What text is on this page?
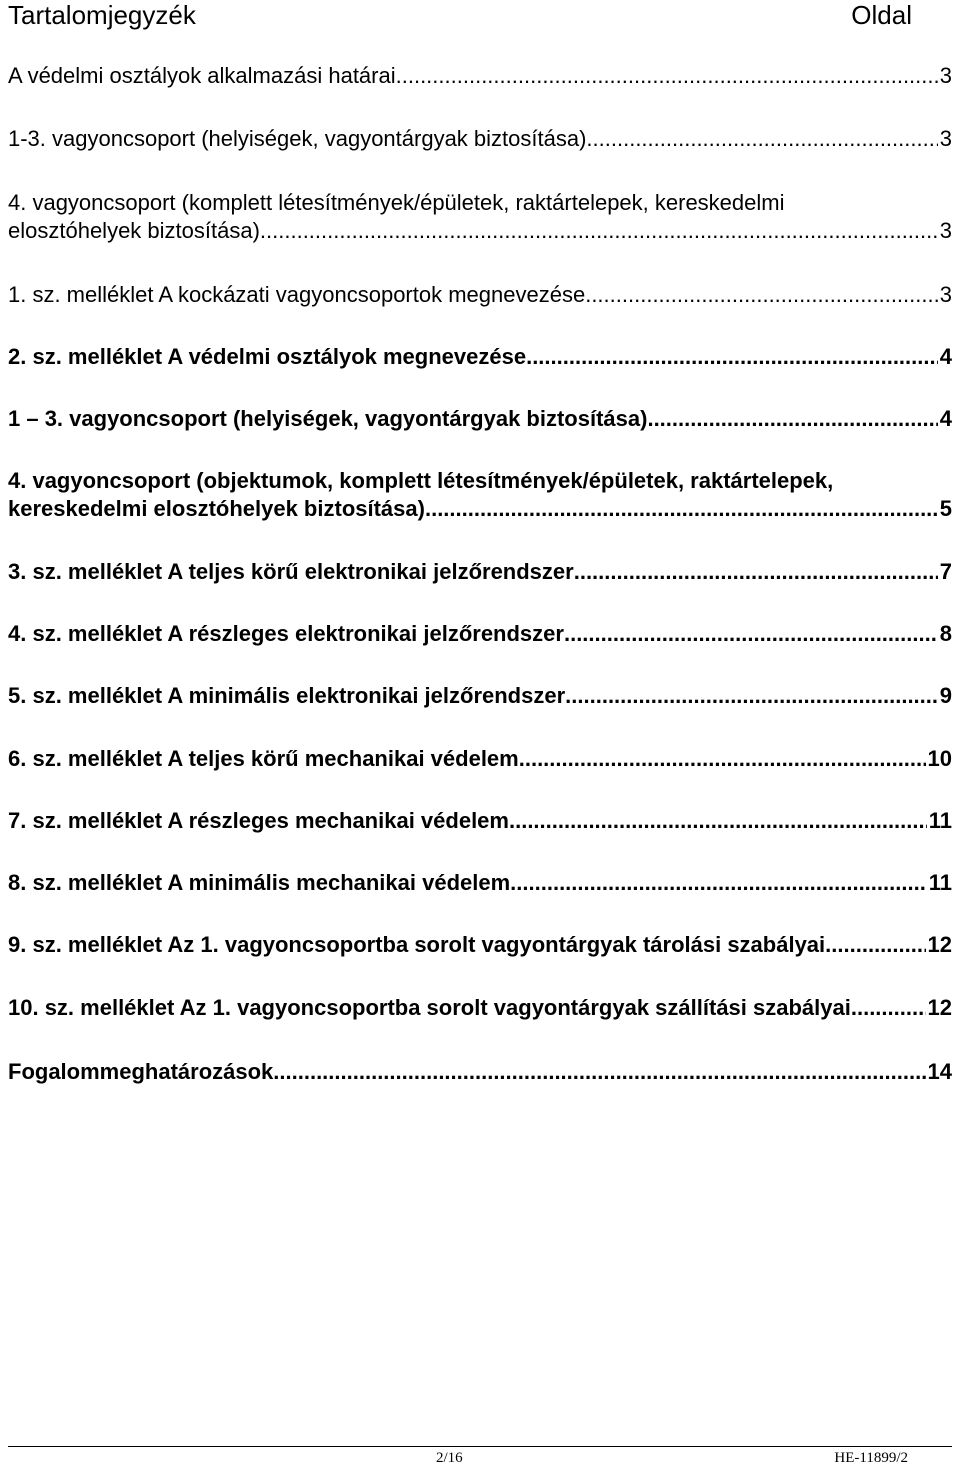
Tartalomjegyzék	Oldal
A védelmi osztályok alkalmazási határai .....	3
1-3. vagyoncsoport (helyiségek, vagyontárgyak biztosítása) .....	3
4. vagyoncsoport (komplett létesítmények/épületek, raktártelepek, kereskedelmi
elosztóhelyek biztosítása) .....	3
1. sz. melléklet A kockázati vagyoncsoportok megnevezése .....	3
2. sz. melléklet A védelmi osztályok megnevezése .....	4
1 – 3. vagyoncsoport (helyiségek, vagyontárgyak biztosítása) .....	4
4. vagyoncsoport (objektumok, komplett létesítmények/épületek, raktártelepek,
kereskedelmi elosztóhelyek biztosítása) .....	5
3. sz. melléklet A teljes körű elektronikai jelzőrendszer .....	7
4. sz. melléklet A részleges elektronikai jelzőrendszer .....	8
5. sz. melléklet A minimális elektronikai jelzőrendszer .....	9
6. sz. melléklet A teljes körű mechanikai védelem .....	10
7. sz. melléklet A részleges mechanikai védelem .....	11
8. sz. melléklet A minimális mechanikai védelem .....	11
9. sz. melléklet Az 1. vagyoncsoportba sorolt vagyontárgyak tárolási szabályai .....	12
10. sz. melléklet Az 1. vagyoncsoportba sorolt vagyontárgyak szállítási szabályai. .....	12
Fogalommeghatározások .....	14
2/16	HE-11899/2
